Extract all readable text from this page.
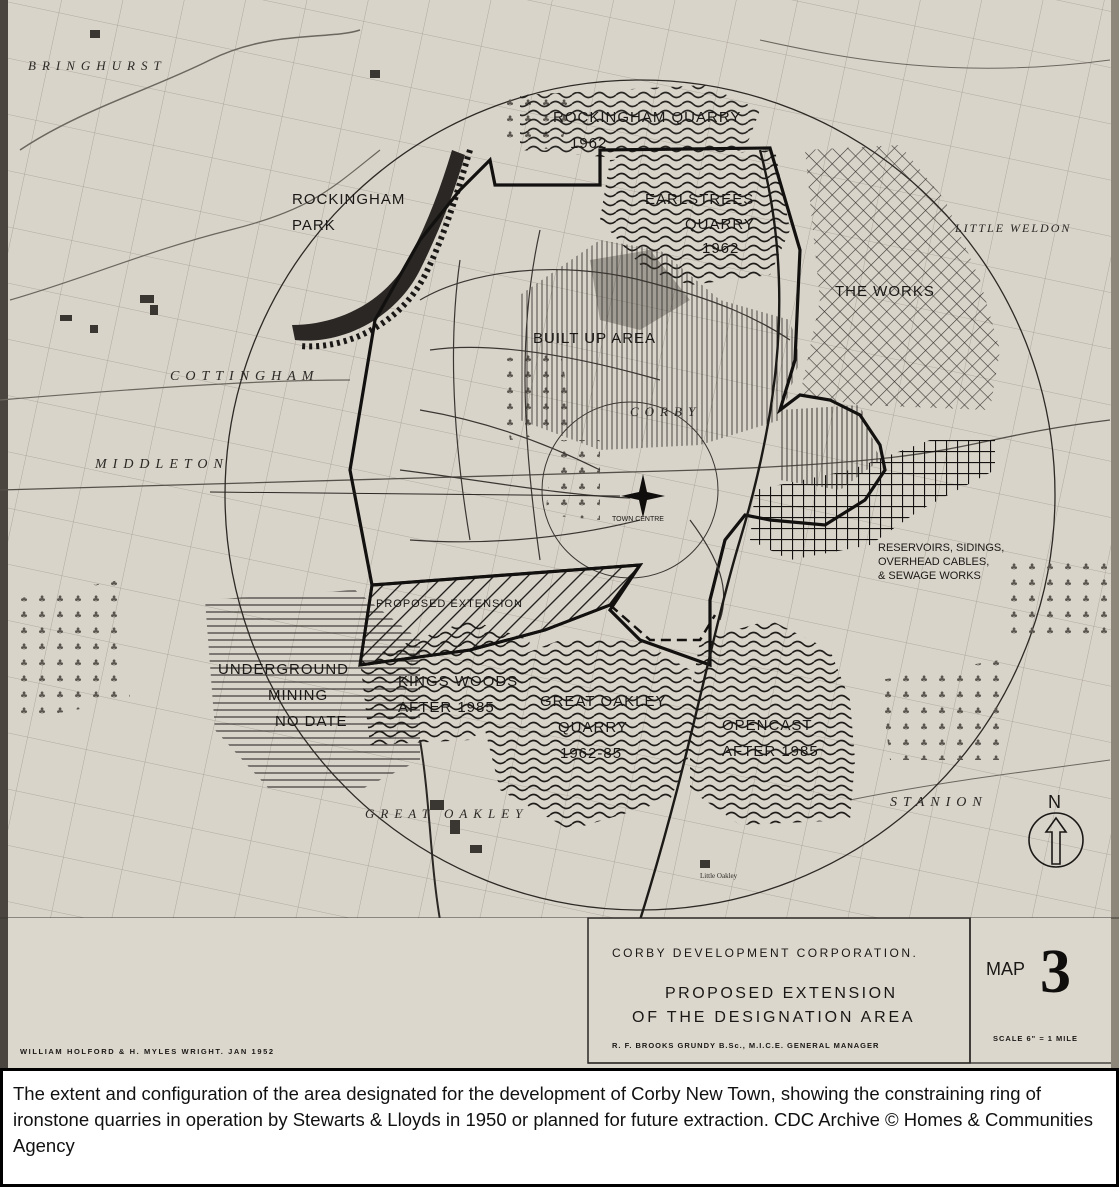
BRINGHURST
ROCKINGHAM
PARK
COTTINGHAM
MIDDLETON
LITTLE WELDON
STANION
CORBY
GREAT OAKLEY
Little Oakley
ROCKINGHAM QUARRY
1962
EARLSTREES
QUARRY
1962
THE WORKS
BUILT UP AREA
UNDERGROUND
MINING
NO DATE
KINGS WOODS
AFTER 1985	GREAT OAKLEY
QUARRY
1962-85
OPENCAST
AFTER 1985
PROPOSED EXTENSION
TOWN CENTRE
RESERVOIRS, SIDINGS,
OVERHEAD CABLES,
& SEWAGE WORKS
N
CORBY DEVELOPMENT CORPORATION.
PROPOSED EXTENSION
OF THE DESIGNATION AREA
R. F. BROOKS GRUNDY B.Sc., M.I.C.E. GENERAL MANAGER
MAP 3
SCALE 6" = 1 MILE
WILLIAM HOLFORD & H. MYLES WRIGHT. JAN 1952

The extent and configuration of the area designated for the development of Corby New Town, showing the constraining ring of ironstone quarries in operation by Stewarts & Lloyds in 1950 or planned for future extraction. CDC Archive © Homes & Communities Agency
